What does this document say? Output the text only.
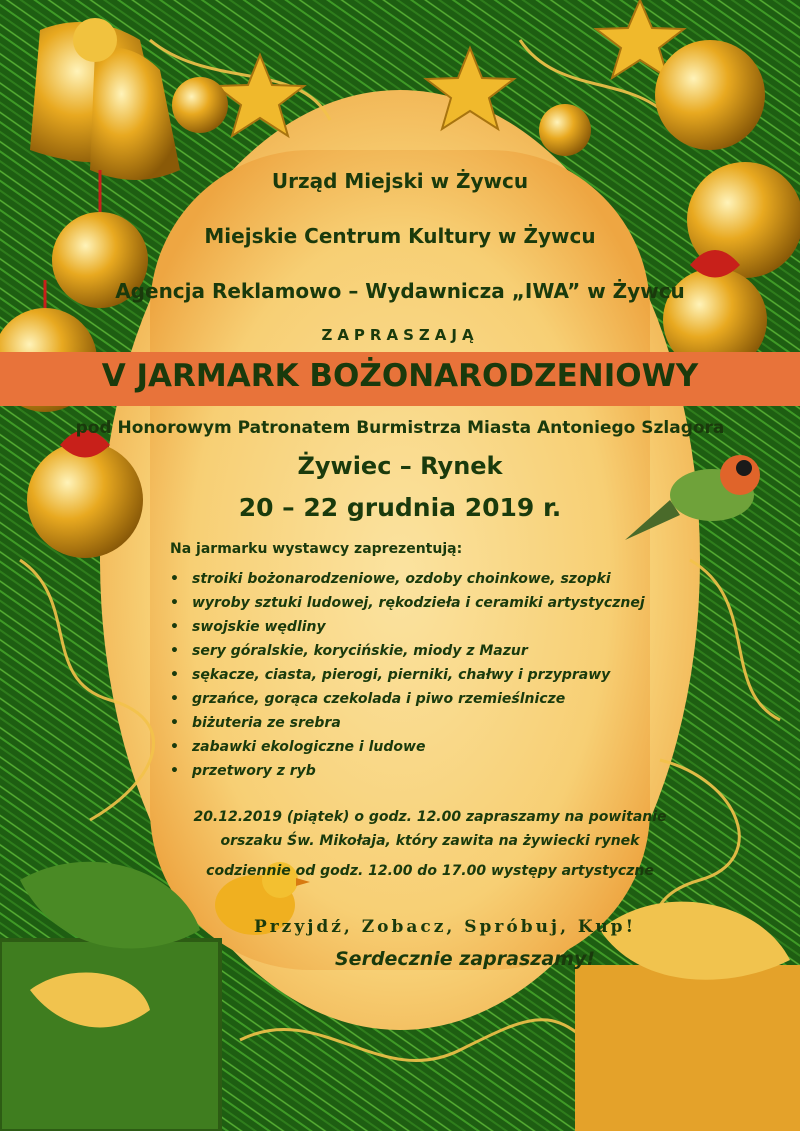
Urząd Miejski w Żywcu
Miejskie Centrum Kultury w Żywcu
Agencja Reklamowo – Wydawnicza „IWA” w Żywcu
ZAPRASZAJĄ
V JARMARK BOŻONARODZENIOWY
pod Honorowym Patronatem Burmistrza Miasta Antoniego Szlagora
Żywiec – Rynek
20 – 22 grudnia 2019 r.
Na jarmarku wystawcy zaprezentują:
• stroiki bożonarodzeniowe, ozdoby choinkowe, szopki
• wyroby sztuki ludowej, rękodzieła i ceramiki artystycznej
• swojskie wędliny
• sery góralskie, korycińskie, miody z Mazur
• sękacze, ciasta, pierogi, pierniki, chałwy i przyprawy
• grzańce, gorąca czekolada i piwo rzemieślnicze
• biżuteria ze srebra
• zabawki ekologiczne i ludowe
• przetwory z ryb
20.12.2019 (piątek) o godz. 12.00 zapraszamy na powitanie
orszaku Św. Mikołaja, który zawita na żywiecki rynek
codziennie od godz. 12.00 do 17.00 występy artystyczne
Przyjdź, Zobacz, Spróbuj, Kup!
Serdecznie zapraszamy!
